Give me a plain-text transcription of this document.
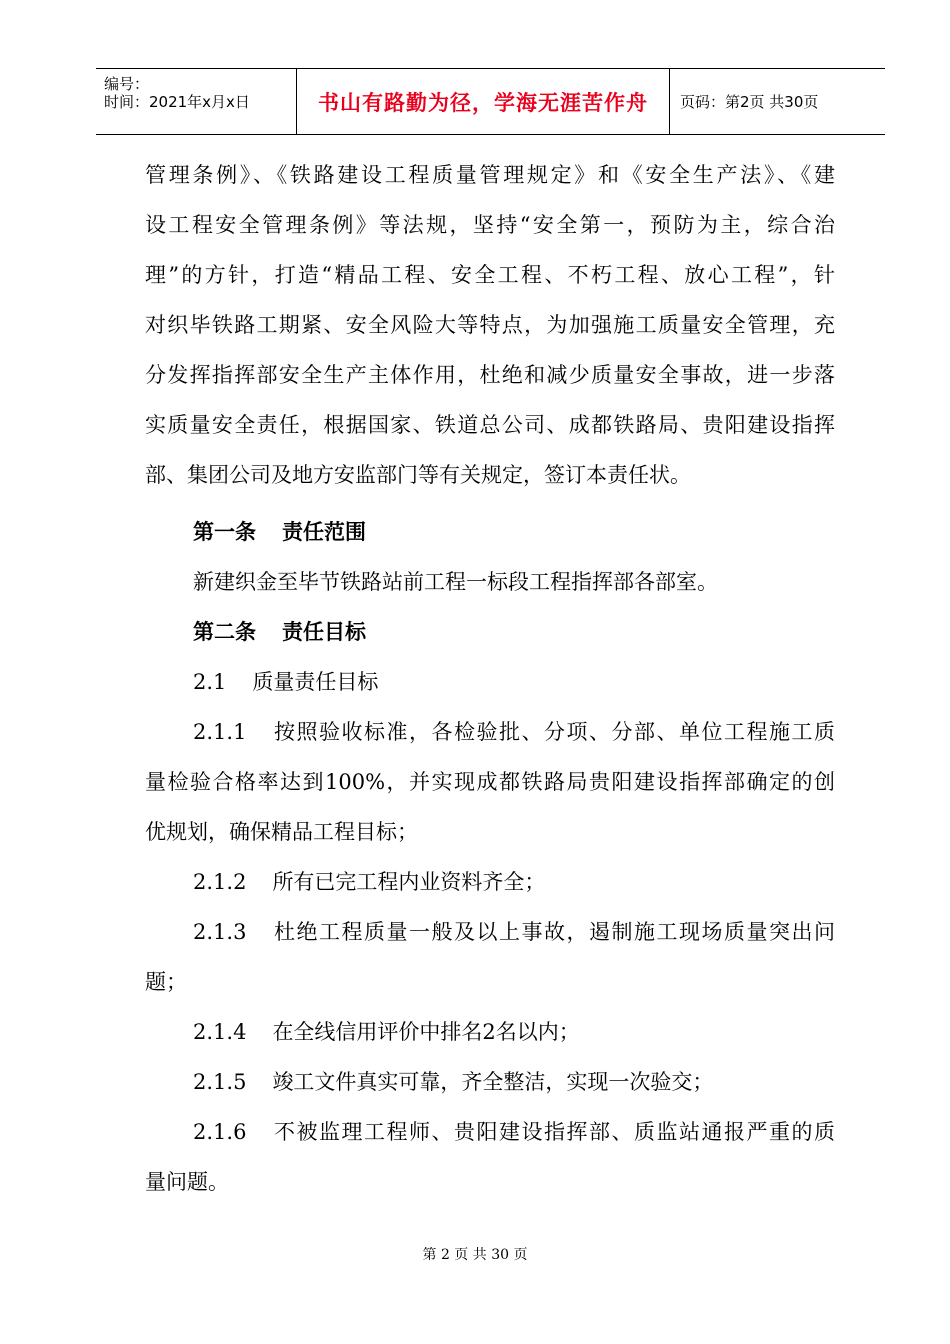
编号：
时间：2021年x月x日	书山有路勤为径，学海无涯苦作舟 页码：第2页 共30页
管理条例》、《铁路建设工程质量管理规定》和《安全生产法》、《建
设工程安全管理条例》等法规，坚持“安全第一，预防为主，综合治
理”的方针，打造“精品工程、安全工程、不朽工程、放心工程”，针
对织毕铁路工期紧、安全风险大等特点，为加强施工质量安全管理，充
分发挥指挥部安全生产主体作用，杜绝和减少质量安全事故，进一步落
实质量安全责任，根据国家、铁道总公司、成都铁路局、贵阳建设指挥
部、集团公司及地方安监部门等有关规定，签订本责任状。
第一条 责任范围
新建织金至毕节铁路站前工程一标段工程指挥部各部室。
第二条 责任目标
2.1 质量责任目标
2.1.1 按照验收标准，各检验批、分项、分部、单位工程施工质
量检验合格率达到100%，并实现成都铁路局贵阳建设指挥部确定的创
优规划，确保精品工程目标；
2.1.2 所有已完工程内业资料齐全；
2.1.3 杜绝工程质量一般及以上事故，遏制施工现场质量突出问
题；
2.1.4 在全线信用评价中排名2名以内；
2.1.5 竣工文件真实可靠，齐全整洁，实现一次验交；
2.1.6 不被监理工程师、贵阳建设指挥部、质监站通报严重的质
量问题。
第 2 页 共 30 页
